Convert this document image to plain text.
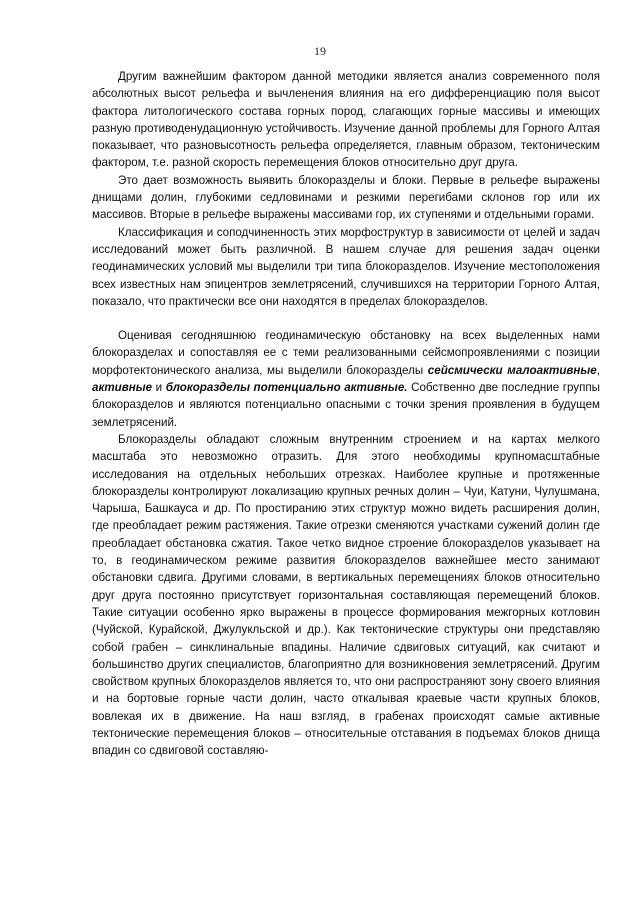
19

Другим важнейшим фактором данной методики является анализ современного поля абсолютных высот рельефа и вычленения влияния на его дифференциацию поля высот фактора литологического состава горных пород, слагающих горные массивы и имеющих разную противоденудационную устойчивость. Изучение данной проблемы для Горного Алтая показывает, что разновысотность рельефа определяется, главным образом, тектоническим фактором, т.е. разной скорость перемещения блоков относительно друг друга.

Это дает возможность выявить блокоразделы и блоки. Первые в рельефе выражены днищами долин, глубокими седловинами и резкими перегибами склонов гор или их массивов. Вторые в рельефе выражены массивами гор, их ступенями и отдельными горами.

Классификация и соподчиненность этих морфоструктур в зависимости от целей и задач исследований может быть различной. В нашем случае для решения задач оценки геодинамических условий мы выделили три типа блокоразделов. Изучение местоположения всех известных нам эпицентров землетрясений, случившихся на территории Горного Алтая, показало, что практически все они находятся в пределах блокоразделов.

Оценивая сегодняшнюю геодинамическую обстановку на всех выделенных нами блокоразделах и сопоставляя ее с теми реализованными сейсмопроявлениями с позиции морфотектонического анализа, мы выделили блокоразделы сейсмически малоактивные, активные и блокоразделы потенциально активные. Собственно две последние группы блокоразделов и являются потенциально опасными с точки зрения проявления в будущем землетрясений.

Блокоразделы обладают сложным внутренним строением и на картах мелкого масштаба это невозможно отразить. Для этого необходимы крупномасштабные исследования на отдельных небольших отрезках. Наиболее крупные и протяженные блокоразделы контролируют локализацию крупных речных долин – Чуи, Катуни, Чулушмана, Чарыша, Башкауса и др. По простиранию этих структур можно видеть расширения долин, где преобладает режим растяжения. Такие отрезки сменяются участками сужений долин где преобладает обстановка сжатия. Такое четко видное строение блокоразделов указывает на то, в геодинамическом режиме развития блокоразделов важнейшее место занимают обстановки сдвига. Другими словами, в вертикальных перемещениях блоков относительно друг друга постоянно присутствует горизонтальная составляющая перемещений блоков. Такие ситуации особенно ярко выражены в процессе формирования межгорных котловин (Чуйской, Курайской, Джулукльской и др.). Как тектонические структуры они представляю собой грабен – синклинальные впадины. Наличие сдвиговых ситуаций, как считают и большинство других специалистов, благоприятно для возникновения землетрясений. Другим свойством крупных блокоразделов является то, что они распространяют зону своего влияния и на бортовые горные части долин, часто откалывая краевые части крупных блоков, вовлекая их в движение. На наш взгляд, в грабенах происходят самые активные тектонические перемещения блоков – относительные отставания в подъемах блоков днища впадин со сдвиговой составляю-
